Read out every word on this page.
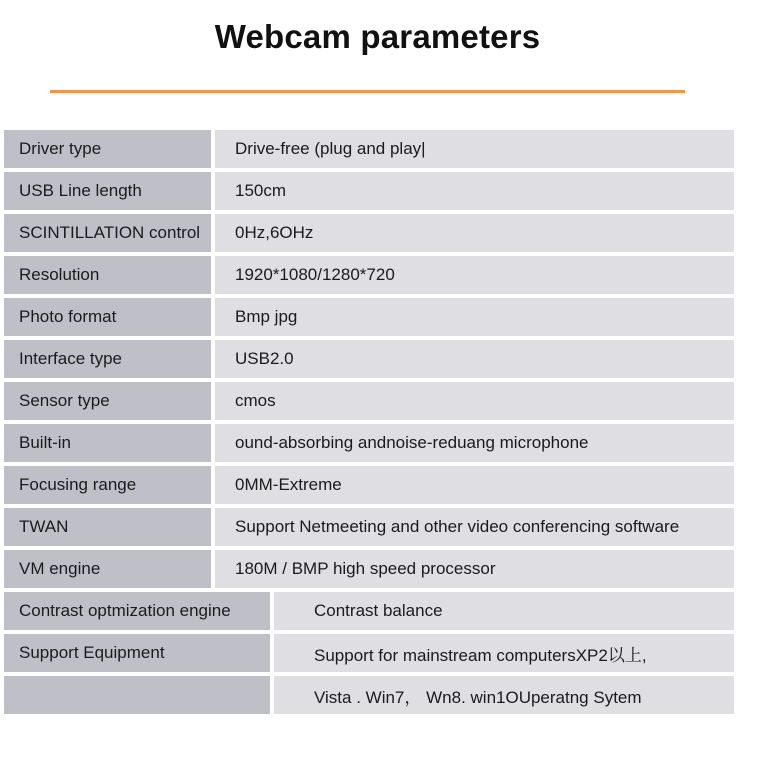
Webcam parameters
Driver type	Drive-free (plug and play|
USB Line length	150cm
SCINTILLATION control	0Hz,6OHz
Resolution	1920*1080/1280*720
Photo format	Bmp jpg
Interface type	USB2.0
Sensor type	cmos
Built-in	ound-absorbing andnoise-reduang microphone
Focusing range	0MM-Extreme
TWAN	Support Netmeeting and other video conferencing software
VM engine	180M / BMP high speed processor
Contrast optmization engine	Contrast balance
Support Equipment	Support for mainstream computersXP2以上,
Vista . Win7， Wn8. win1OUperatng Sytem
